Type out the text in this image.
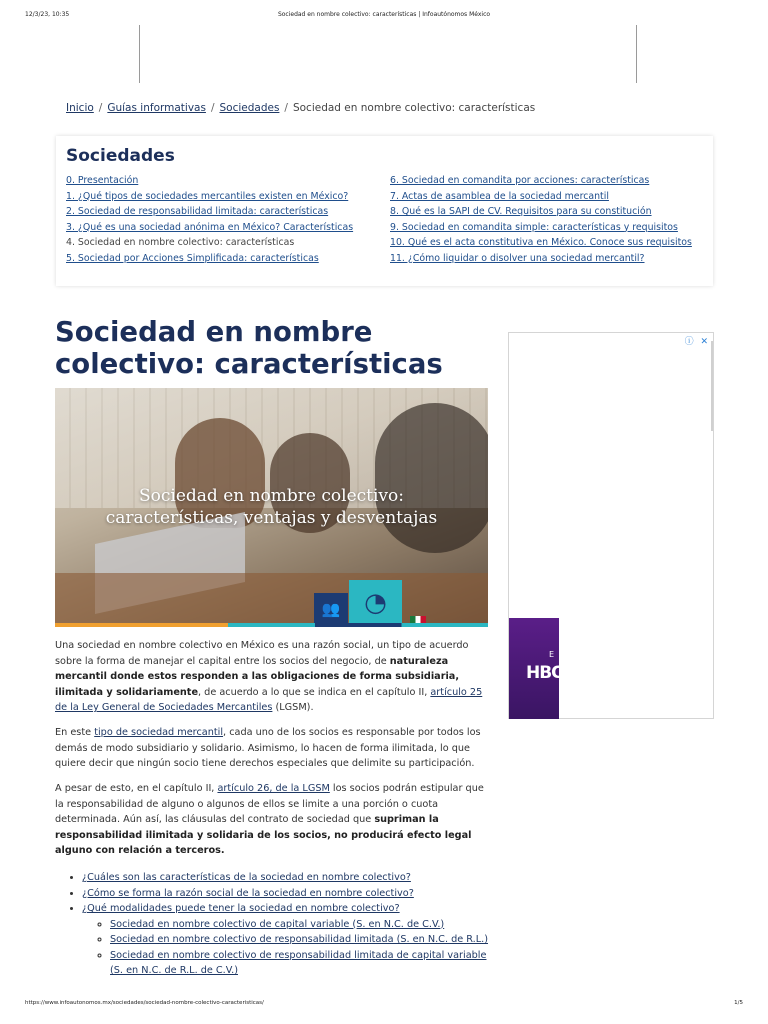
12/3/23, 10:35	Sociedad en nombre colectivo: características | Infoautónomos México
Inicio / Guías informativas / Sociedades / Sociedad en nombre colectivo: características
Sociedades
0. Presentación
1. ¿Qué tipos de sociedades mercantiles existen en México?
2. Sociedad de responsabilidad limitada: características
3. ¿Qué es una sociedad anónima en México? Características
4. Sociedad en nombre colectivo: características
5. Sociedad por Acciones Simplificada: características
6. Sociedad en comandita por acciones: características
7. Actas de asamblea de la sociedad mercantil
8. Qué es la SAPI de CV. Requisitos para su constitución
9. Sociedad en comandita simple: características y requisitos
10. Qué es el acta constitutiva en México. Conoce sus requisitos
11. ¿Cómo liquidar o disolver una sociedad mercantil?
Sociedad en nombre colectivo: características
Sociedad en nombre colectivo:
características, ventajas y desventajas
👥 ◔

Una sociedad en nombre colectivo en México es una razón social, un tipo de acuerdo sobre la forma de manejar el capital entre los socios del negocio, de naturaleza mercantil donde estos responden a las obligaciones de forma subsidiaria, ilimitada y solidariamente, de acuerdo a lo que se indica en el capítulo II, artículo 25 de la Ley General de Sociedades Mercantiles (LGSM).

En este tipo de sociedad mercantil, cada uno de los socios es responsable por todos los demás de modo subsidiario y solidario. Asimismo, lo hacen de forma ilimitada, lo que quiere decir que ningún socio tiene derechos especiales que delimite su participación.

A pesar de esto, en el capítulo II, artículo 26, de la LGSM los socios podrán estipular que la responsabilidad de alguno o algunos de ellos se limite a una porción o cuota determinada. Aún así, las cláusulas del contrato de sociedad que supriman la responsabilidad ilimitada y solidaria de los socios, no producirá efecto legal alguno con relación a terceros.

• ¿Cuáles son las características de la sociedad en nombre colectivo?
• ¿Cómo se forma la razón social de la sociedad en nombre colectivo?
• ¿Qué modalidades puede tener la sociedad en nombre colectivo?
◦ Sociedad en nombre colectivo de capital variable (S. en N.C. de C.V.)
◦ Sociedad en nombre colectivo de responsabilidad limitada (S. en N.C. de R.L.)
◦ Sociedad en nombre colectivo de responsabilidad limitada de capital variable (S. en N.C. de R.L. de C.V.)
ⓘ ✕
E
HBO
https://www.infoautonomos.mx/sociedades/sociedad-nombre-colectivo-caracteristicas/	1/5
